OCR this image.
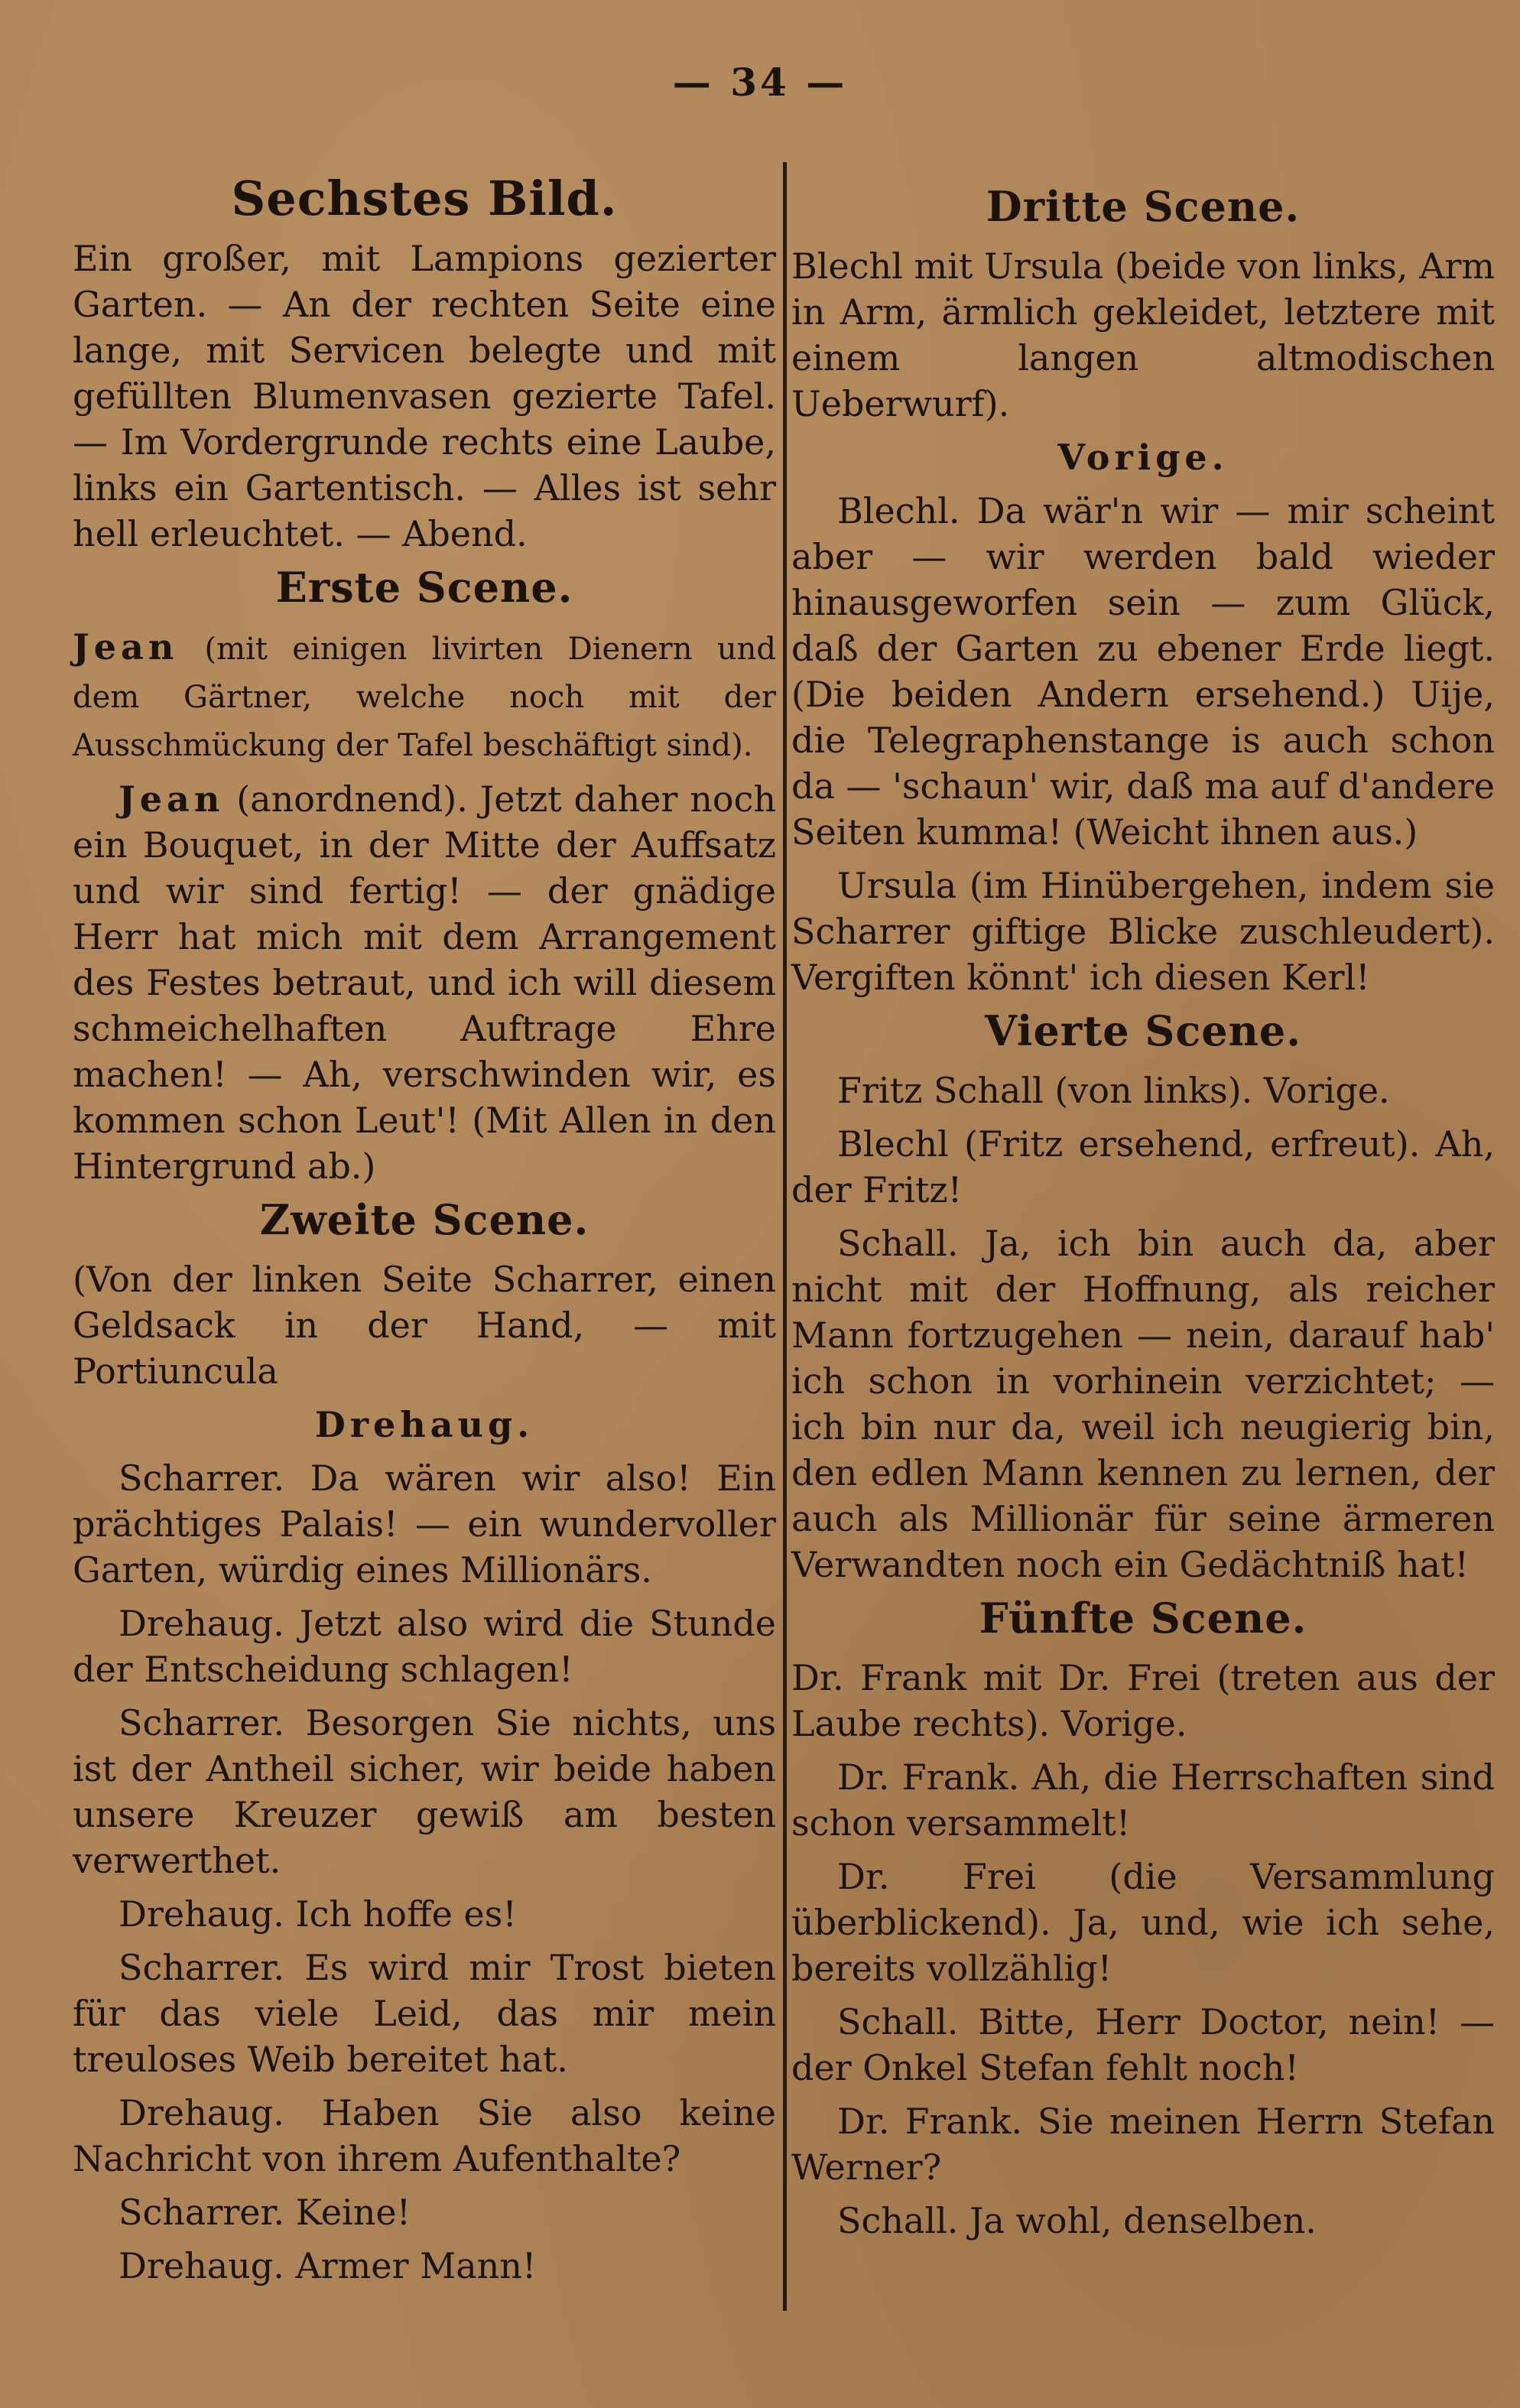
— 34 —
Sechstes Bild.
Ein großer, mit Lampions gezierter Garten. — An der rechten Seite eine lange, mit Servicen belegte und mit gefüllten Blumenvasen gezierte Tafel. — Im Vordergrunde rechts eine Laube, links ein Gartentisch. — Alles ist sehr hell erleuchtet. — Abend.
Erste Scene.
Jean (mit einigen livirten Dienern und dem Gärtner, welche noch mit der Ausschmückung der Tafel beschäftigt sind).
Jean (anordnend). Jetzt daher noch ein Bouquet, in der Mitte der Auffsatz und wir sind fertig! — der gnädige Herr hat mich mit dem Arrangement des Festes betraut, und ich will diesem schmeichelhaften Auftrage Ehre machen! — Ah, verschwinden wir, es kommen schon Leut'! (Mit Allen in den Hintergrund ab.)
Zweite Scene.
(Von der linken Seite Scharrer, einen Geldsack in der Hand, — mit Portiuncula
Drehaug.
Scharrer. Da wären wir also! Ein prächtiges Palais! — ein wundervoller Garten, würdig eines Millionärs.
Drehaug. Jetzt also wird die Stunde der Entscheidung schlagen!
Scharrer. Besorgen Sie nichts, uns ist der Antheil sicher, wir beide haben unsere Kreuzer gewiß am besten verwerthet.
Drehaug. Ich hoffe es!
Scharrer. Es wird mir Trost bieten für das viele Leid, das mir mein treuloses Weib bereitet hat.
Drehaug. Haben Sie also keine Nachricht von ihrem Aufenthalte?
Scharrer. Keine!
Drehaug. Armer Mann!
Dritte Scene.
Blechl mit Ursula (beide von links, Arm in Arm, ärmlich gekleidet, letztere mit einem langen altmodischen Ueberwurf).
Vorige.
Blechl. Da wär'n wir — mir scheint aber — wir werden bald wieder hinausgeworfen sein — zum Glück, daß der Garten zu ebener Erde liegt. (Die beiden Andern ersehend.) Uije, die Telegraphenstange is auch schon da — 'schaun' wir, daß ma auf d'andere Seiten kumma! (Weicht ihnen aus.)
Ursula (im Hinübergehen, indem sie Scharrer giftige Blicke zuschleudert). Vergiften könnt' ich diesen Kerl!
Vierte Scene.
Fritz Schall (von links). Vorige.
Blechl (Fritz ersehend, erfreut). Ah, der Fritz!
Schall. Ja, ich bin auch da, aber nicht mit der Hoffnung, als reicher Mann fortzugehen — nein, darauf hab' ich schon in vorhinein verzichtet; — ich bin nur da, weil ich neugierig bin, den edlen Mann kennen zu lernen, der auch als Millionär für seine ärmeren Verwandten noch ein Gedächtniß hat!
Fünfte Scene.
Dr. Frank mit Dr. Frei (treten aus der Laube rechts). Vorige.
Dr. Frank. Ah, die Herrschaften sind schon versammelt!
Dr. Frei (die Versammlung überblickend). Ja, und, wie ich sehe, bereits vollzählig!
Schall. Bitte, Herr Doctor, nein! — der Onkel Stefan fehlt noch!
Dr. Frank. Sie meinen Herrn Stefan Werner?
Schall. Ja wohl, denselben.
